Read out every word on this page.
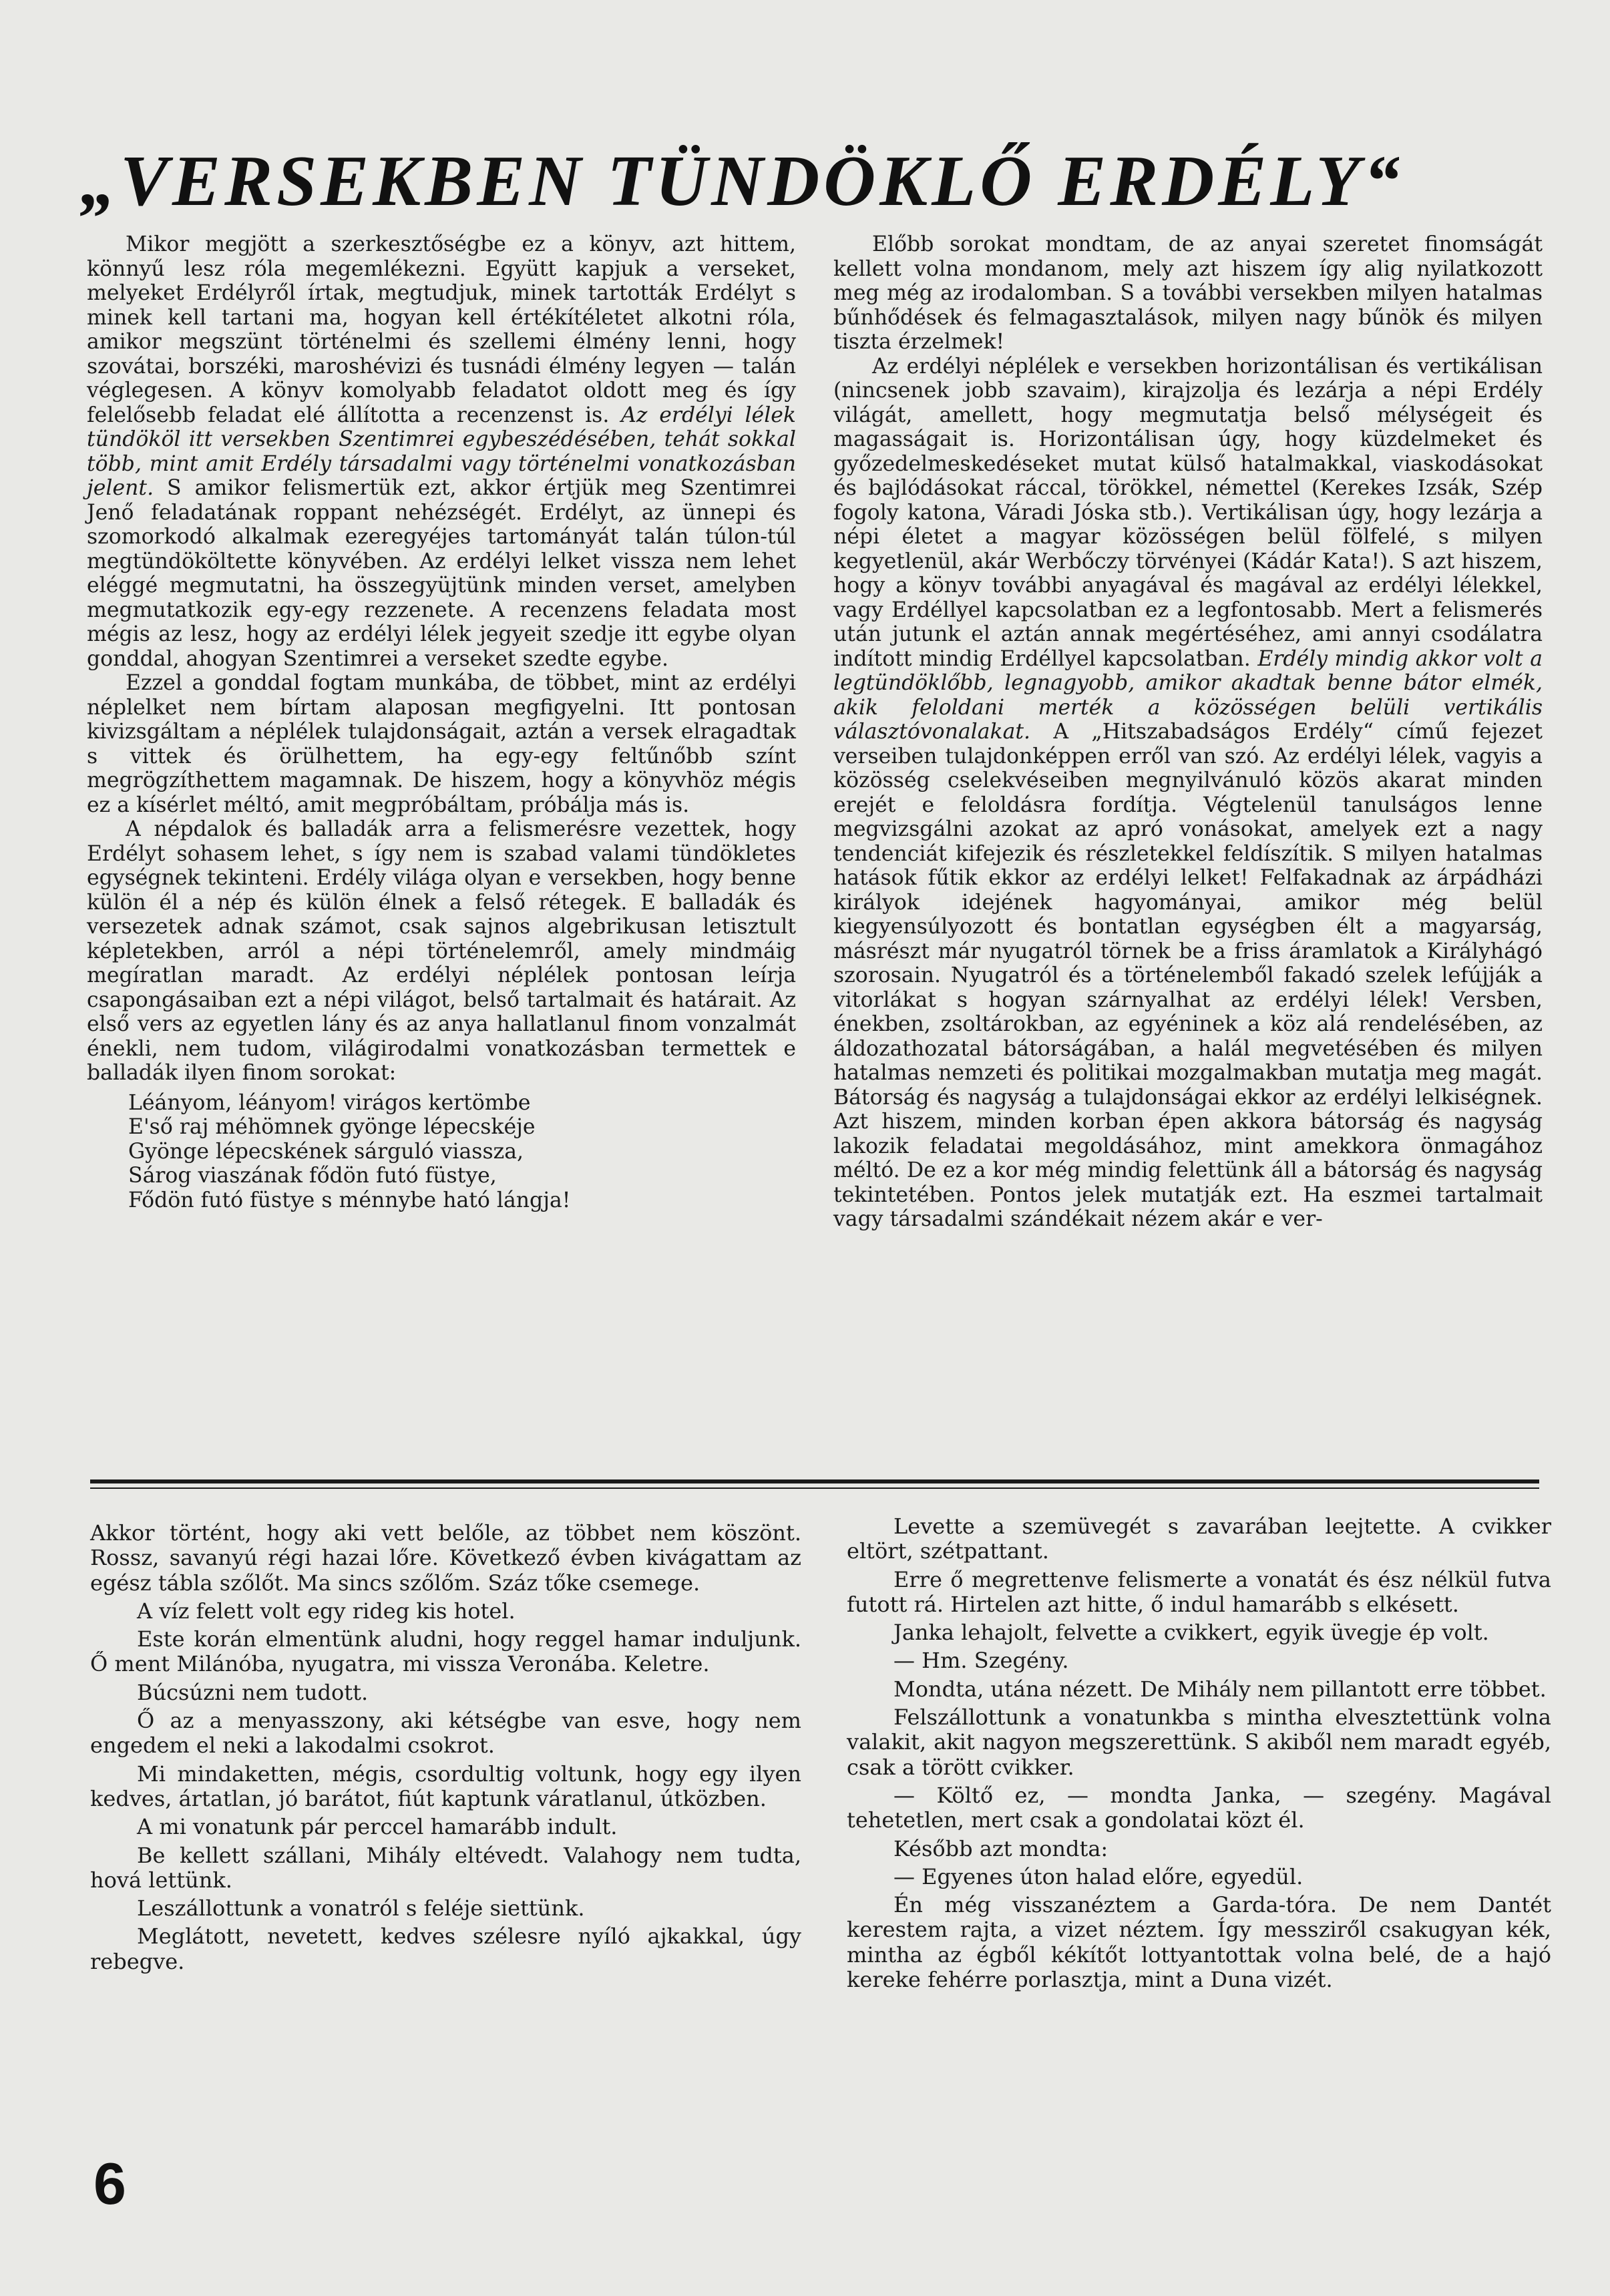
„VERSEKBEN TÜNDÖKLŐ ERDÉLY“

Mikor megjött a szerkesztőségbe ez a könyv, azt hittem, könnyű lesz róla megemlékezni. Együtt kapjuk a verseket, melyeket Erdélyről írtak, megtudjuk, minek tartották Erdélyt s minek kell tartani ma, hogyan kell értékítéletet alkotni róla, amikor megszünt történelmi és szellemi élmény lenni, hogy szovátai, borszéki, maroshévizi és tusnádi élmény legyen — talán véglegesen. A könyv komolyabb feladatot oldott meg és így felelősebb feladat elé állította a recenzenst is. Az erdélyi lélek tündököl itt versekben Szentimrei egybeszédésében, tehát sokkal több, mint amit Erdély társadalmi vagy történelmi vonatkozásban jelent. S amikor felismertük ezt, akkor értjük meg Szentimrei Jenő feladatának roppant nehézségét. Erdélyt, az ünnepi és szomorkodó alkalmak ezeregyéjes tartományát talán túlon-túl megtündököltette könyvében. Az erdélyi lelket vissza nem lehet eléggé megmutatni, ha összegyüjtünk minden verset, amelyben megmutatkozik egy-egy rezzenete. A recenzens feladata most mégis az lesz, hogy az erdélyi lélek jegyeit szedje itt egybe olyan gonddal, ahogyan Szentimrei a verseket szedte egybe.

Ezzel a gonddal fogtam munkába, de többet, mint az erdélyi néplelket nem bírtam alaposan megfigyelni. Itt pontosan kivizsgáltam a néplélek tulajdonságait, aztán a versek elragadtak s vittek és örülhettem, ha egy-egy feltűnőbb színt megrögzíthettem magamnak. De hiszem, hogy a könyvhöz mégis ez a kísérlet méltó, amit megpróbáltam, próbálja más is.

A népdalok és balladák arra a felismerésre vezettek, hogy Erdélyt sohasem lehet, s így nem is szabad valami tündökletes egységnek tekinteni. Erdély világa olyan e versekben, hogy benne külön él a nép és külön élnek a felső rétegek. E balladák és versezetek adnak számot, csak sajnos algebrikusan letisztult képletekben, arról a népi történelemről, amely mindmáig megíratlan maradt. Az erdélyi néplélek pontosan leírja csapongásaiban ezt a népi világot, belső tartalmait és határait. Az első vers az egyetlen lány és az anya hallatlanul finom vonzalmát énekli, nem tudom, világirodalmi vonatkozásban termettek e balladák ilyen finom sorokat:

Léányom, léányom! virágos kertömbe
E'ső raj méhömnek gyönge lépecskéje
Gyönge lépecskének sárguló viassza,
Sárog viaszának fődön futó füstye,
Fődön futó füstye s ménnybe ható lángja!

Előbb sorokat mondtam, de az anyai szeretet finomságát kellett volna mondanom, mely azt hiszem így alig nyilatkozott meg még az irodalomban. S a további versekben milyen hatalmas bűnhődések és felmagasztalások, milyen nagy bűnök és milyen tiszta érzelmek!

Az erdélyi néplélek e versekben horizontálisan és vertikálisan (nincsenek jobb szavaim), kirajzolja és lezárja a népi Erdély világát, amellett, hogy megmutatja belső mélységeit és magasságait is. Horizontálisan úgy, hogy küzdelmeket és győzedelmeskedéseket mutat külső hatalmakkal, viaskodásokat és bajlódásokat ráccal, törökkel, némettel (Kerekes Izsák, Szép fogoly katona, Váradi Jóska stb.). Vertikálisan úgy, hogy lezárja a népi életet a magyar közösségen belül fölfelé, s milyen kegyetlenül, akár Werbőczy törvényei (Kádár Kata!). S azt hiszem, hogy a könyv további anyagával és magával az erdélyi lélekkel, vagy Erdéllyel kapcsolatban ez a legfontosabb. Mert a felismerés után jutunk el aztán annak megértéséhez, ami annyi csodálatra indított mindig Erdéllyel kapcsolatban. Erdély mindig akkor volt a legtündöklőbb, legnagyobb, amikor akadtak benne bátor elmék, akik feloldani merték a közösségen belüli vertikális választóvonalakat. A „Hitszabadságos Erdély“ című fejezet verseiben tulajdonképpen erről van szó. Az erdélyi lélek, vagyis a közösség cselekvéseiben megnyilvánuló közös akarat minden erejét e feloldásra fordítja. Végtelenül tanulságos lenne megvizsgálni azokat az apró vonásokat, amelyek ezt a nagy tendenciát kifejezik és részletekkel feldíszítik. S milyen hatalmas hatások fűtik ekkor az erdélyi lelket! Felfakadnak az árpádházi királyok idejének hagyományai, amikor még belül kiegyensúlyozott és bontatlan egységben élt a magyarság, másrészt már nyugatról törnek be a friss áramlatok a Királyhágó szorosain. Nyugatról és a történelemből fakadó szelek lefújják a vitorlákat s hogyan szárnyalhat az erdélyi lélek! Versben, énekben, zsoltárokban, az egyéninek a köz alá rendelésében, az áldozathozatal bátorságában, a halál megvetésében és milyen hatalmas nemzeti és politikai mozgalmakban mutatja meg magát. Bátorság és nagyság a tulajdonságai ekkor az erdélyi lelkiségnek. Azt hiszem, minden korban épen akkora bátorság és nagyság lakozik feladatai megoldásához, mint amekkora önmagához méltó. De ez a kor még mindig felettünk áll a bátorság és nagyság tekintetében. Pontos jelek mutatják ezt. Ha eszmei tartalmait vagy társadalmi szándékait nézem akár e ver-

Akkor történt, hogy aki vett belőle, az többet nem köszönt. Rossz, savanyú régi hazai lőre. Következő évben kivágattam az egész tábla szőlőt. Ma sincs szőlőm. Száz tőke csemege.

A víz felett volt egy rideg kis hotel.

Este korán elmentünk aludni, hogy reggel hamar induljunk. Ő ment Milánóba, nyugatra, mi vissza Veronába. Keletre.

Búcsúzni nem tudott.

Ő az a menyasszony, aki kétségbe van esve, hogy nem engedem el neki a lakodalmi csokrot.

Mi mindaketten, mégis, csordultig voltunk, hogy egy ilyen kedves, ártatlan, jó barátot, fiút kaptunk váratlanul, útközben.

A mi vonatunk pár perccel hamarább indult.

Be kellett szállani, Mihály eltévedt. Valahogy nem tudta, hová lettünk.

Leszállottunk a vonatról s feléje siettünk.

Meglátott, nevetett, kedves szélesre nyíló ajkakkal, úgy rebegve.

Levette a szemüvegét s zavarában leejtette. A cvikker eltört, szétpattant.

Erre ő megrettenve felismerte a vonatát és ész nélkül futva futott rá. Hirtelen azt hitte, ő indul hamarább s elkésett.

Janka lehajolt, felvette a cvikkert, egyik üvegje ép volt.

— Hm. Szegény.

Mondta, utána nézett. De Mihály nem pillantott erre többet.

Felszállottunk a vonatunkba s mintha elvesztettünk volna valakit, akit nagyon megszerettünk. S akiből nem maradt egyéb, csak a törött cvikker.

— Költő ez, — mondta Janka, — szegény. Magával tehetetlen, mert csak a gondolatai közt él.

Később azt mondta:

— Egyenes úton halad előre, egyedül.

Én még visszanéztem a Garda-tóra. De nem Dantét kerestem rajta, a vizet néztem. Így messziről csakugyan kék, mintha az égből kékítőt lottyantottak volna belé, de a hajó kereke fehérre porlasztja, mint a Duna vizét.

6
